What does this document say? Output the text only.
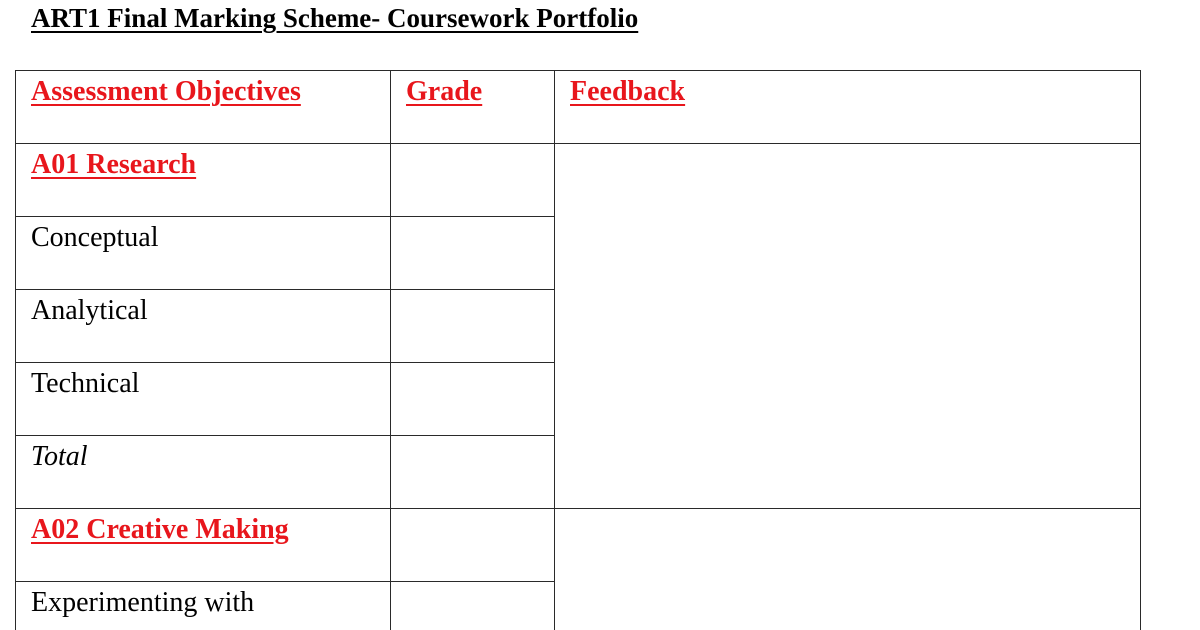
ART1 Final Marking Scheme- Coursework Portfolio
Assessment Objectives	Grade	Feedback

A01 Research		

Conceptual		

Analytical		

Technical		

Total		

A02 Creative Making		

Experimenting with		
